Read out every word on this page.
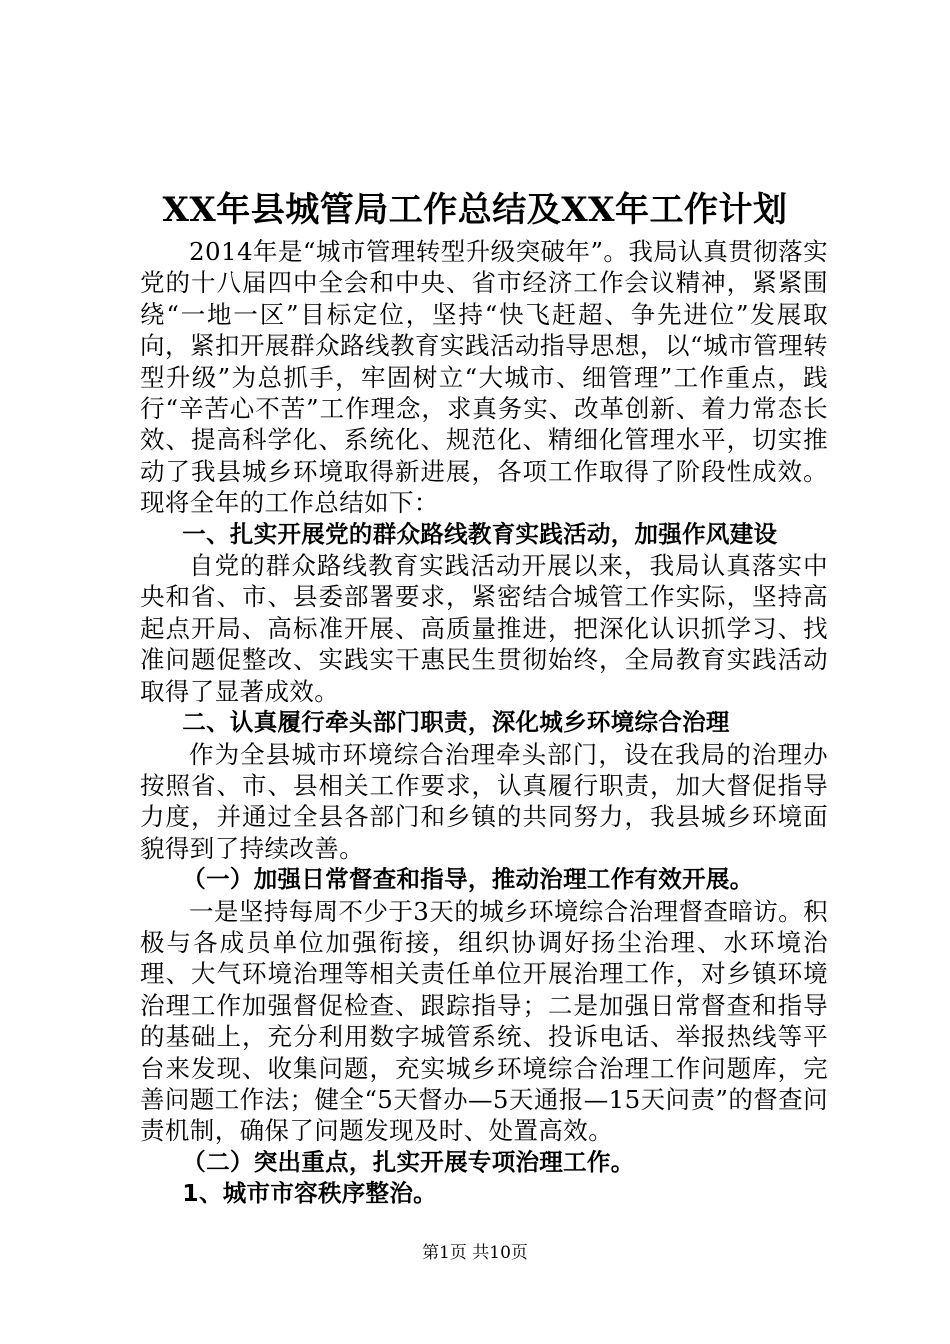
XX年县城管局工作总结及XX年工作计划

2014年是“城市管理转型升级突破年”。我局认真贯彻落实党的十八届四中全会和中央、省市经济工作会议精神，紧紧围绕“一地一区”目标定位，坚持“快飞赶超、争先进位”发展取向，紧扣开展群众路线教育实践活动指导思想，以“城市管理转型升级”为总抓手，牢固树立“大城市、细管理”工作重点，践行“辛苦心不苦”工作理念，求真务实、改革创新、着力常态长效、提高科学化、系统化、规范化、精细化管理水平，切实推动了我县城乡环境取得新进展，各项工作取得了阶段性成效。现将全年的工作总结如下：

一、扎实开展党的群众路线教育实践活动，加强作风建设

自党的群众路线教育实践活动开展以来，我局认真落实中央和省、市、县委部署要求，紧密结合城管工作实际，坚持高起点开局、高标准开展、高质量推进，把深化认识抓学习、找准问题促整改、实践实干惠民生贯彻始终，全局教育实践活动取得了显著成效。

二、认真履行牵头部门职责，深化城乡环境综合治理

作为全县城市环境综合治理牵头部门，设在我局的治理办按照省、市、县相关工作要求，认真履行职责，加大督促指导力度，并通过全县各部门和乡镇的共同努力，我县城乡环境面貌得到了持续改善。

（一）加强日常督查和指导，推动治理工作有效开展。

一是坚持每周不少于3天的城乡环境综合治理督查暗访。积极与各成员单位加强衔接，组织协调好扬尘治理、水环境治理、大气环境治理等相关责任单位开展治理工作，对乡镇环境治理工作加强督促检查、跟踪指导；二是加强日常督查和指导的基础上，充分利用数字城管系统、投诉电话、举报热线等平台来发现、收集问题，充实城乡环境综合治理工作问题库，完善问题工作法；健全“5天督办—5天通报—15天问责”的督查问责机制，确保了问题发现及时、处置高效。

（二）突出重点，扎实开展专项治理工作。

1、城市市容秩序整治。

第1页 共10页
